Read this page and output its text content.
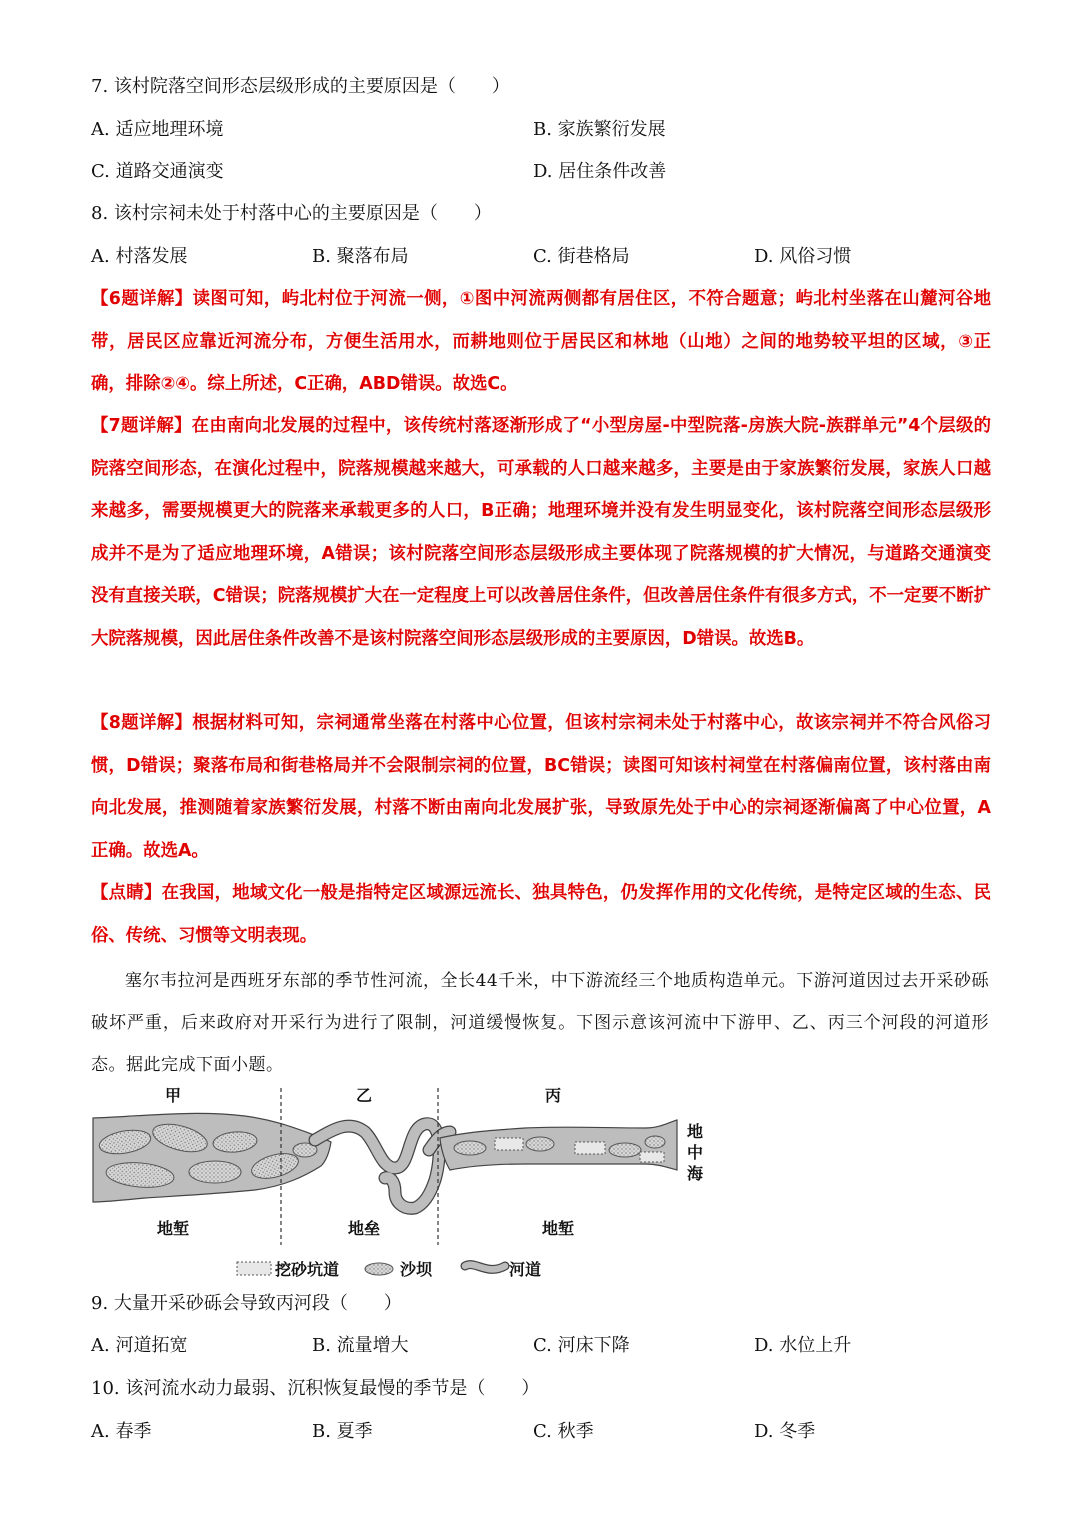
7. 该村院落空间形态层级形成的主要原因是（　　）
A. 适应地理环境	B. 家族繁衍发展
C. 道路交通演变	D. 居住条件改善
8. 该村宗祠未处于村落中心的主要原因是（　　）
A. 村落发展	B. 聚落布局	C. 街巷格局	D. 风俗习惯
【6题详解】读图可知，屿北村位于河流一侧，①图中河流两侧都有居住区，不符合题意；屿北村坐落在山麓河谷地带，居民区应靠近河流分布，方便生活用水，而耕地则位于居民区和林地（山地）之间的地势较平坦的区域，③正确，排除②④。综上所述，C正确，ABD错误。故选C。
【7题详解】在由南向北发展的过程中，该传统村落逐渐形成了“小型房屋-中型院落-房族大院-族群单元”4个层级的院落空间形态，在演化过程中，院落规模越来越大，可承载的人口越来越多，主要是由于家族繁衍发展，家族人口越来越多，需要规模更大的院落来承载更多的人口，B正确；地理环境并没有发生明显变化，该村院落空间形态层级形成并不是为了适应地理环境，A错误；该村院落空间形态层级形成主要体现了院落规模的扩大情况，与道路交通演变没有直接关联，C错误；院落规模扩大在一定程度上可以改善居住条件，但改善居住条件有很多方式，不一定要不断扩大院落规模，因此居住条件改善不是该村院落空间形态层级形成的主要原因，D错误。故选B。
【8题详解】根据材料可知，宗祠通常坐落在村落中心位置，但该村宗祠未处于村落中心，故该宗祠并不符合风俗习惯，D错误；聚落布局和街巷格局并不会限制宗祠的位置，BC错误；读图可知该村祠堂在村落偏南位置，该村落由南向北发展，推测随着家族繁衍发展，村落不断由南向北发展扩张，导致原先处于中心的宗祠逐渐偏离了中心位置，A正确。故选A。
【点睛】在我国，地域文化一般是指特定区域源远流长、独具特色，仍发挥作用的文化传统，是特定区域的生态、民俗、传统、习惯等文明表现。
塞尔韦拉河是西班牙东部的季节性河流，全长44千米，中下游流经三个地质构造单元。下游河道因过去开采砂砾破坏严重，后来政府对开采行为进行了限制，河道缓慢恢复。下图示意该河流中下游甲、乙、丙三个河段的河道形态。据此完成下面小题。
甲	乙	丙
地
中
海
地堑	地垒	地堑
挖砂坑道	沙坝	河道
9. 大量开采砂砾会导致丙河段（　　）
A. 河道拓宽	B. 流量增大	C. 河床下降	D. 水位上升
10. 该河流水动力最弱、沉积恢复最慢的季节是（　　）
A. 春季	B. 夏季	C. 秋季	D. 冬季
